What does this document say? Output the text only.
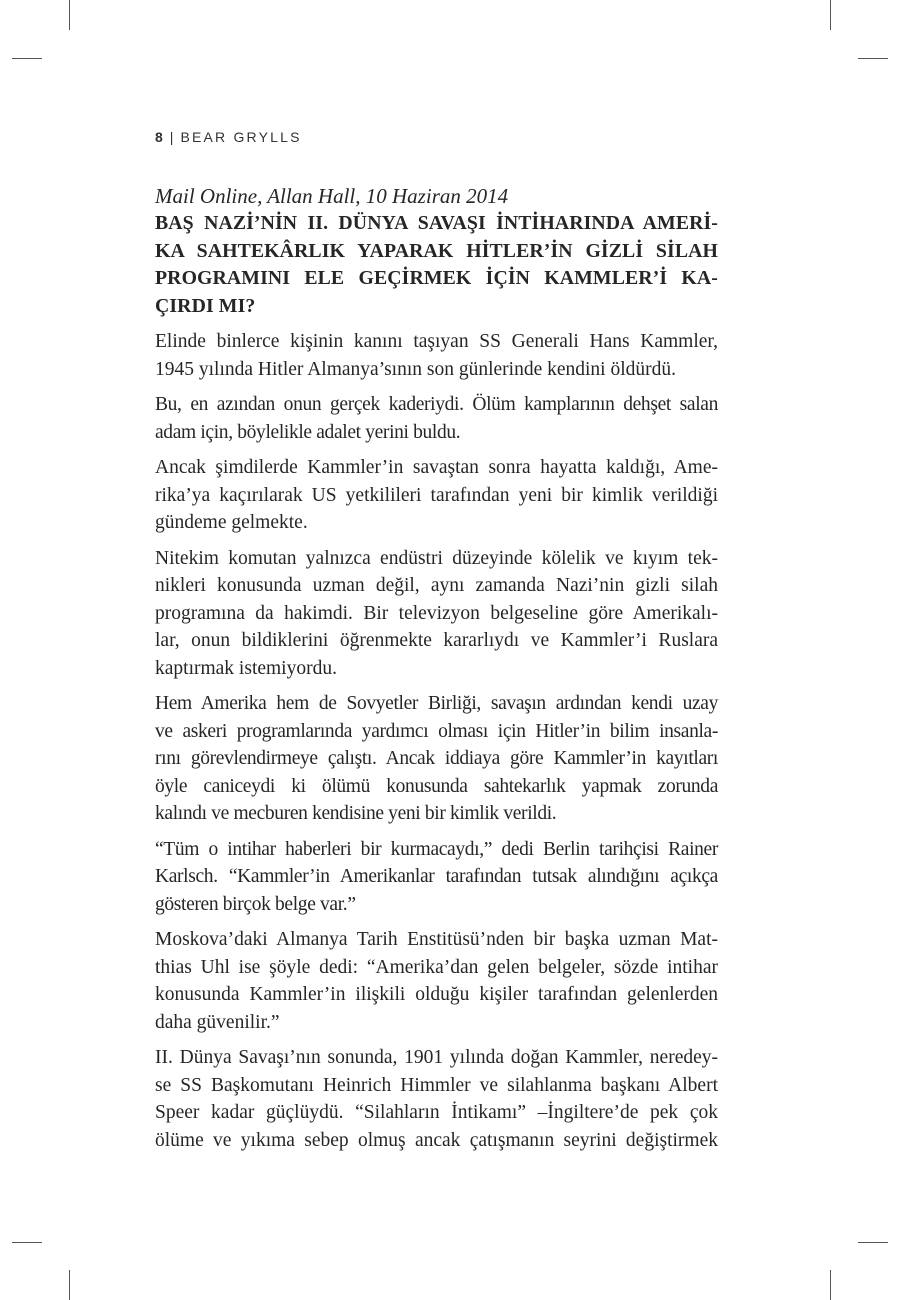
8 | BEAR GRYLLS

Mail Online, Allan Hall, 10 Haziran 2014

BAŞ NAZİ’NİN II. DÜNYA SAVAŞI İNTİHARINDA AMERİ-
KA SAHTEKÂRLIK YAPARAK HİTLER’İN GİZLİ SİLAH
PROGRAMINI ELE GEÇİRMEK İÇİN KAMMLER’İ KA-
ÇIRDI MI?

Elinde binlerce kişinin kanını taşıyan SS Generali Hans Kammler,
1945 yılında Hitler Almanya’sının son günlerinde kendini öldürdü.

Bu, en azından onun gerçek kaderiydi. Ölüm kamplarının dehşet salan
adam için, böylelikle adalet yerini buldu.

Ancak şimdilerde Kammler’in savaştan sonra hayatta kaldığı, Ame-
rika’ya kaçırılarak US yetkilileri tarafından yeni bir kimlik verildiği
gündeme gelmekte.

Nitekim komutan yalnızca endüstri düzeyinde kölelik ve kıyım tek-
nikleri konusunda uzman değil, aynı zamanda Nazi’nin gizli silah
programına da hakimdi. Bir televizyon belgeseline göre Amerikalı-
lar, onun bildiklerini öğrenmekte kararlıydı ve Kammler’i Ruslara
kaptırmak istemiyordu.

Hem Amerika hem de Sovyetler Birliği, savaşın ardından kendi uzay
ve askeri programlarında yardımcı olması için Hitler’in bilim insanla-
rını görevlendirmeye çalıştı. Ancak iddiaya göre Kammler’in kayıtları
öyle caniceydi ki ölümü konusunda sahtekarlık yapmak zorunda
kalındı ve mecburen kendisine yeni bir kimlik verildi.

“Tüm o intihar haberleri bir kurmacaydı,” dedi Berlin tarihçisi Rainer
Karlsch. “Kammler’in Amerikanlar tarafından tutsak alındığını açıkça
gösteren birçok belge var.”

Moskova’daki Almanya Tarih Enstitüsü’nden bir başka uzman Mat-
thias Uhl ise şöyle dedi: “Amerika’dan gelen belgeler, sözde intihar
konusunda Kammler’in ilişkili olduğu kişiler tarafından gelenlerden
daha güvenilir.”

II. Dünya Savaşı’nın sonunda, 1901 yılında doğan Kammler, neredey-
se SS Başkomutanı Heinrich Himmler ve silahlanma başkanı Albert
Speer kadar güçlüydü. “Silahların İntikamı” –İngiltere’de pek çok
ölüme ve yıkıma sebep olmuş ancak çatışmanın seyrini değiştirmek
